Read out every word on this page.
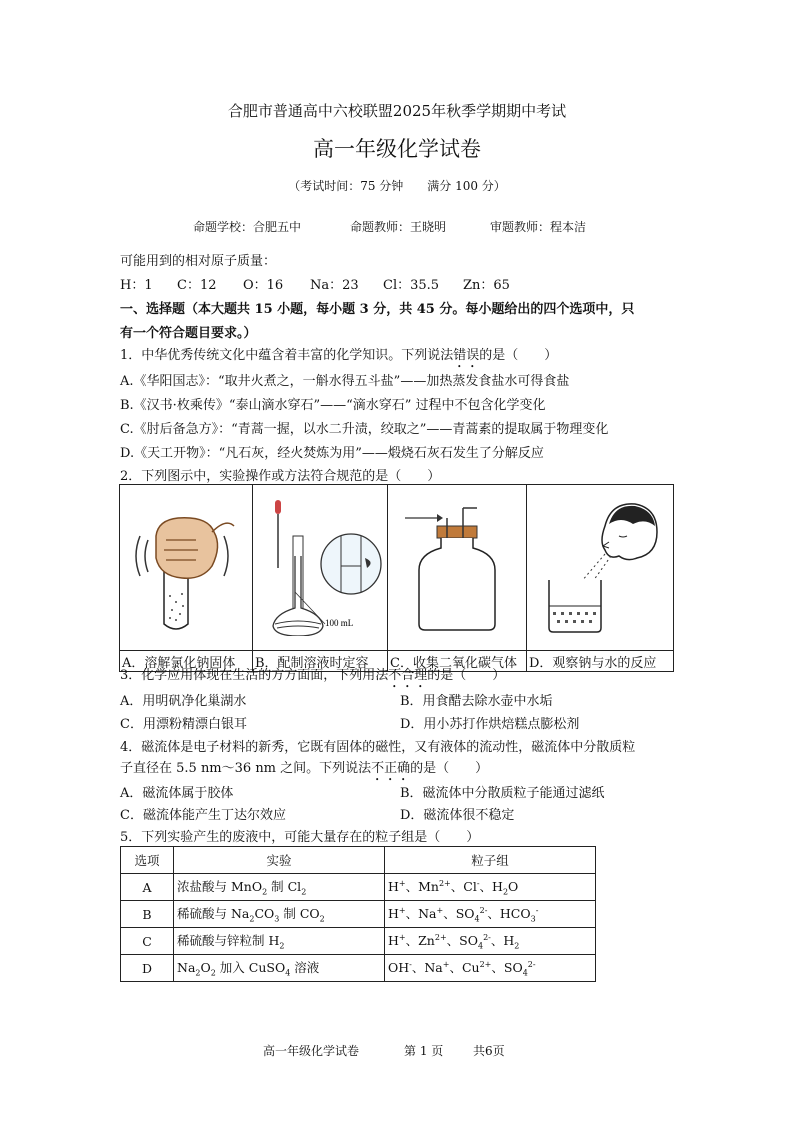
合肥市普通高中六校联盟2025年秋季学期期中考试
高一年级化学试卷
（考试时间：75 分钟　　满分 100 分）
命题学校：合肥五中	命题教师：王晓明	审题教师：程本洁
可能用到的相对原子质量：
H：1 C：12 O：16 Na：23 Cl：35.5 Zn：65
一、选择题（本大题共 15 小题，每小题 3 分，共 45 分。每小题给出的四个选项中，只
有一个符合题目要求。）
1．中华优秀传统文化中蕴含着丰富的化学知识。下列说法错误的是（　　）
A.《华阳国志》：“取井火煮之，一斛水得五斗盐”——加热蒸发食盐水可得食盐
B.《汉书·枚乘传》“泰山滴水穿石”——“滴水穿石” 过程中不包含化学变化
C.《肘后备急方》：“青蒿一握，以水二升渍，绞取之”——青蒿素的提取属于物理变化
D.《天工开物》：“凡石灰，经火焚炼为用”——煅烧石灰石发生了分解反应
2．下列图示中，实验操作或方法符合规范的是（　　）

100 mL

A．溶解氯化钠固体	B．配制溶液时定容	C．收集二氧化碳气体	D．观察钠与水的反应
3．化学应用体现在生活的方方面面，下列用法不合理的是（　　）
A．用明矾净化巢湖水	B．用食醋去除水壶中水垢
C．用漂粉精漂白银耳	D．用小苏打作烘焙糕点膨松剂
4．磁流体是电子材料的新秀，它既有固体的磁性，又有液体的流动性，磁流体中分散质粒
子直径在 5.5 nm～36 nm 之间。下列说法不正确的是（　　）
A．磁流体属于胶体	B．磁流体中分散质粒子能通过滤纸
C．磁流体能产生丁达尔效应	D．磁流体很不稳定
5．下列实验产生的废液中，可能大量存在的粒子组是（　　）
选项	实验	粒子组
A	浓盐酸与 MnO$_2$ 制 $Cl_2$	H+、$Mn^{2+}$、Cl-、$H_2O$
B	稀硫酸与 $Na_2CO_3$ 制 $CO_2$	H+、Na+、$SO_4^{2-}$、$HCO_3^-$
C	稀硫酸与锌粒制 $H_2$	H+、$Zn^{2+}$、$SO_4^{2-}$、$H_2$
D	$Na_2O_2$ 加入 CuSO$_4$ 溶液	OH-、Na+、$Cu^{2+}$、$SO_4^{2-}$
高一年级化学试卷	第 1 页 共6页
